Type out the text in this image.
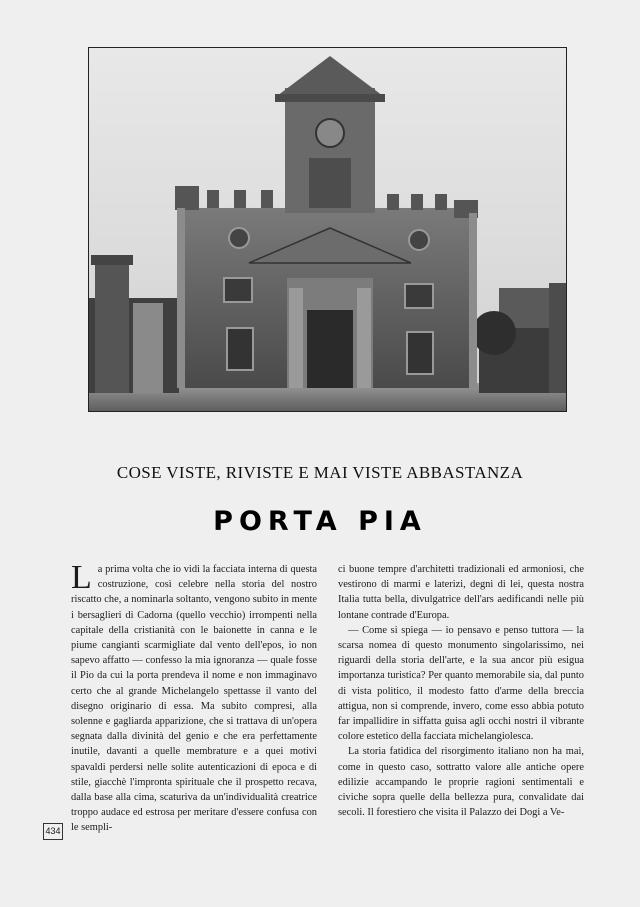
COSE VISTE, RIVISTE E MAI VISTE ABBASTANZA
PORTA PIA

La prima volta che io vidi la facciata interna di questa costruzione, così celebre nella storia del nostro riscatto che, a nominarla soltanto, vengono subito in mente i bersaglieri di Cadorna (quello vecchio) irrompenti nella capitale della cristianità con le baionette in canna e le piume cangianti scarmigliate dal vento dell'epos, io non sapevo affatto — confesso la mia ignoranza — quale fosse il Pio da cui la porta prendeva il nome e non immaginavo certo che al grande Michelangelo spettasse il vanto del disegno originario di essa. Ma subito compresi, alla solenne e gagliarda apparizione, che si trattava di un'opera segnata dalla divinità del genio e che era perfettamente inutile, davanti a quelle membrature e a quei motivi spavaldi perdersi nelle solite autenticazioni di epoca e di stile, giacchè l'impronta spirituale che il prospetto recava, dalla base alla cima, scaturiva da un'individualità creatrice troppo audace ed estrosa per meritare d'essere confusa con le sempli-

ci buone tempre d'architetti tradizionali ed armoniosi, che vestirono di marmi e laterizi, degni di lei, questa nostra Italia tutta bella, divulgatrice dell'ars aedificandi nelle più lontane contrade d'Europa.

— Come si spiega — io pensavo e penso tuttora — la scarsa nomea di questo monumento singolarissimo, nei riguardi della storia dell'arte, e la sua ancor più esigua importanza turistica? Per quanto memorabile sia, dal punto di vista politico, il modesto fatto d'arme della breccia attigua, non si comprende, invero, come esso abbia potuto far impallidire in siffatta guisa agli occhi nostri il vibrante colore estetico della facciata michelangiolesca.

La storia fatidica del risorgimento italiano non ha mai, come in questo caso, sottratto valore alle antiche opere edilizie accampando le proprie ragioni sentimentali e civiche sopra quelle della bellezza pura, convalidate dai secoli. Il forestiero che visita il Palazzo dei Dogi a Ve-

434
